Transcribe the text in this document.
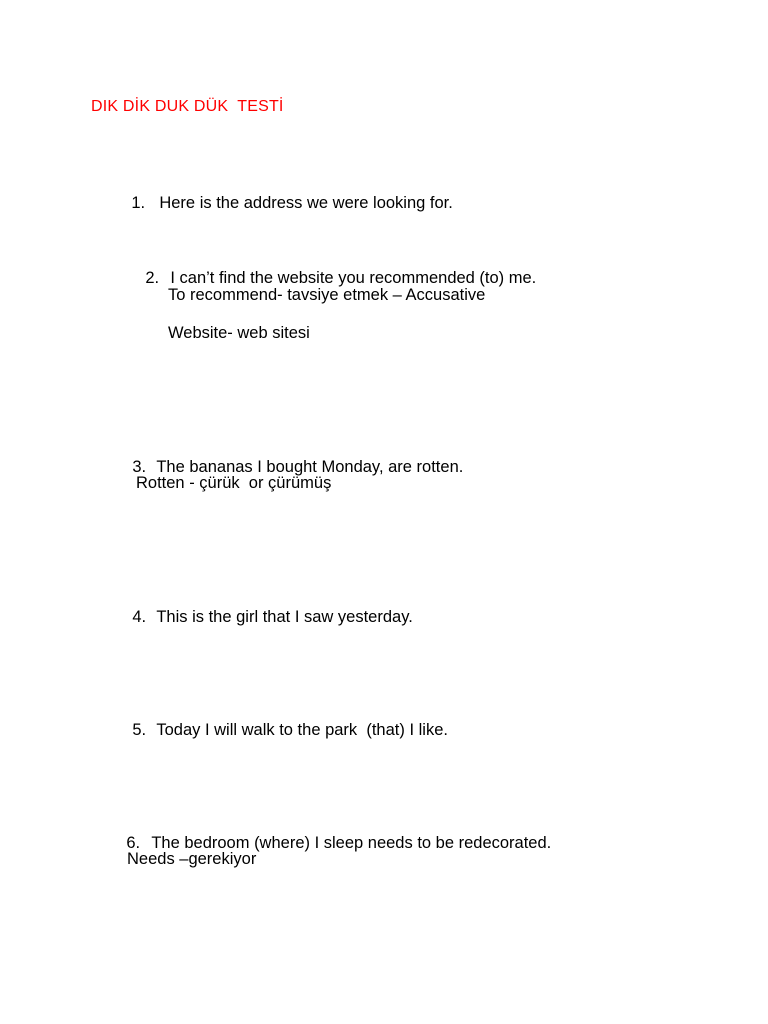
DIK DİK DUK DÜK  TESTİ

1. Here is the address we were looking for.

2. I can’t find the website you recommended (to) me.

To recommend- tavsiye etmek – Accusative
Website- web sitesi

3. The bananas I bought Monday, are rotten.

Rotten - çürük  or çürümüş

4. This is the girl that I saw yesterday.

5. Today I will walk to the park  (that) I like.

6. The bedroom (where) I sleep needs to be redecorated.

Needs –gerekiyor
